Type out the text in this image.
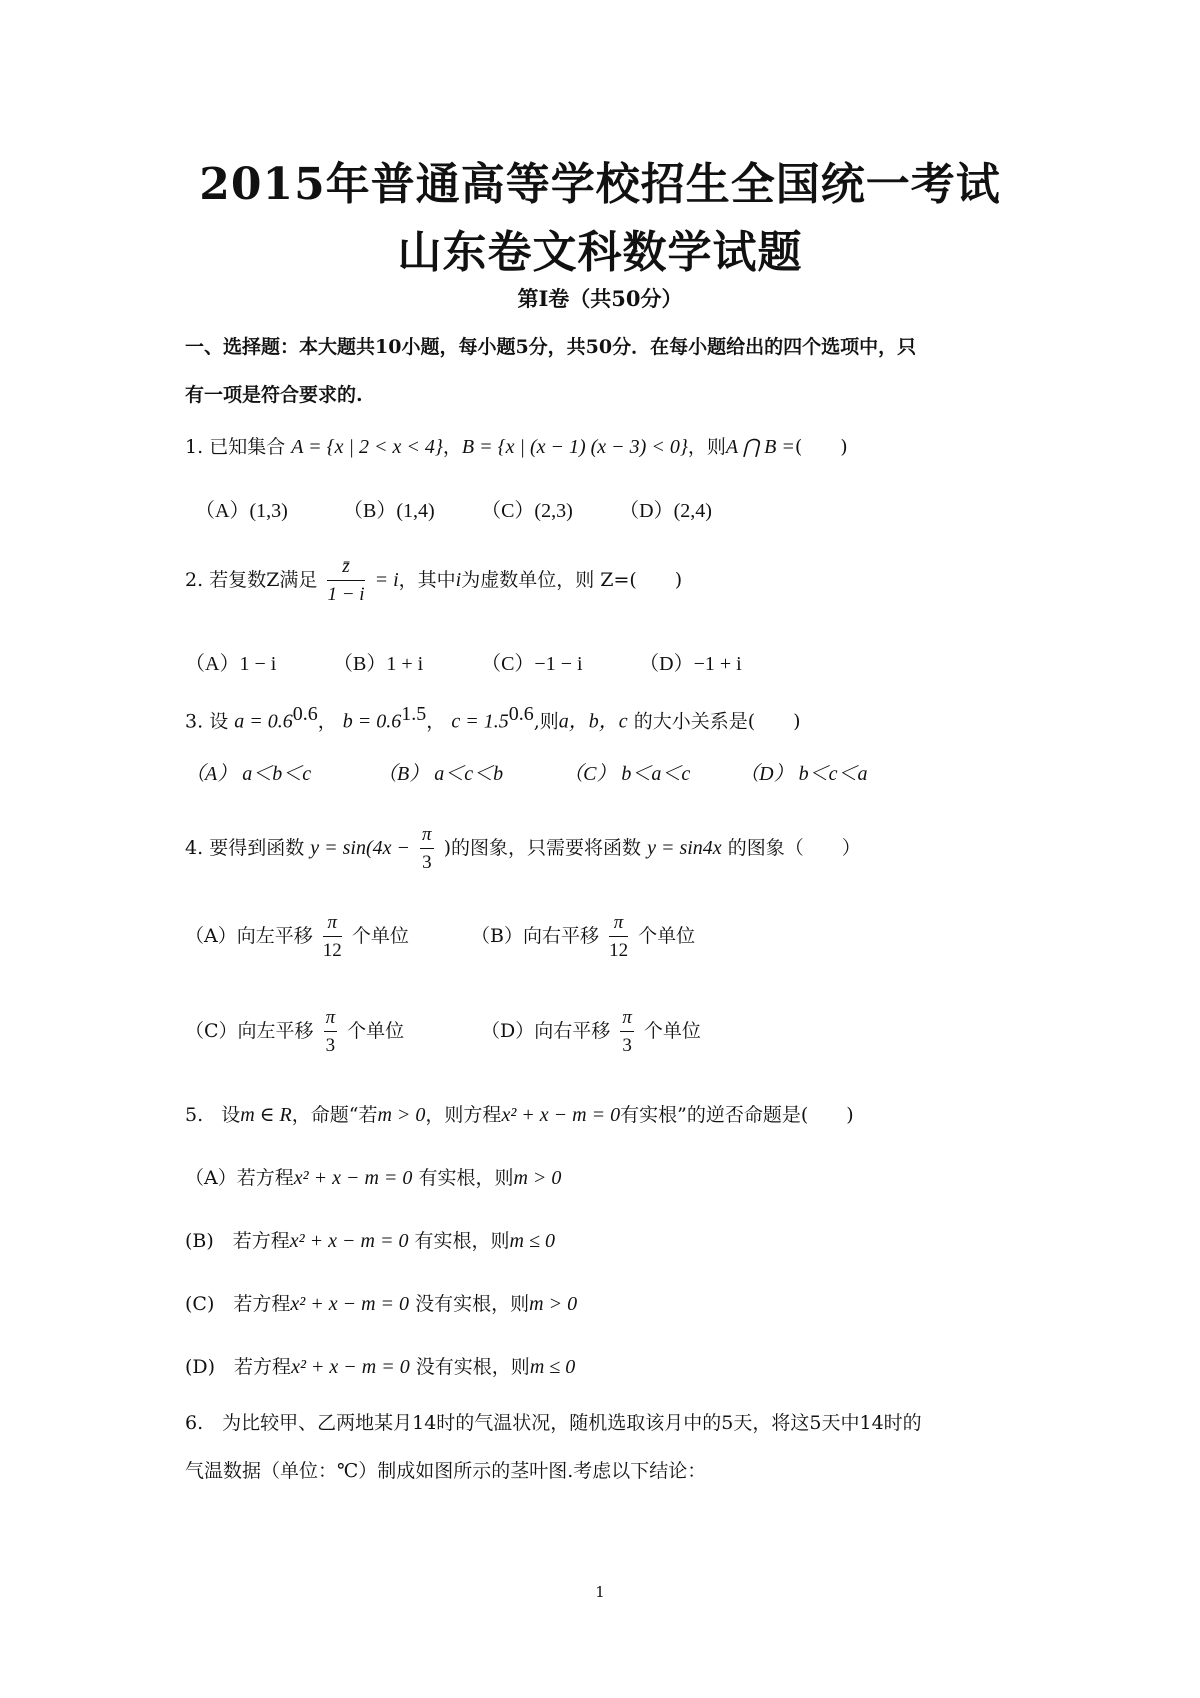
2015年普通高等学校招生全国统一考试
山东卷文科数学试题
第Ⅰ卷（共50分）
一、选择题：本大题共10小题，每小题5分，共50分．在每小题给出的四个选项中，只
有一项是符合要求的.
1. 已知集合 A = {x | 2 < x < 4}，B = {x | (x − 1) (x − 3) < 0}，则A ⋂ B =(　　)
（A）(1,3)	（B）(1,4) （C）(2,3) （D）(2,4)
2. 若复数Z满足 $\frac{z̄}{1 - i} = i$，其中i为虚数单位，则 Z=(　　)
（A）1 − i	（B）1 + i	（C）−1 − i	（D）−1 + i
3. 设 $a = 0.6^{0.6}$， $b = 0.6^{1.5}$， $c = 1.5^{0.6}$,则a，b，c 的大小关系是(　　)
（A） a＜b＜c	（B） a＜c＜b	（C） b＜a＜c （D） b＜c＜a
4. 要得到函数 $y = \sin(4x - \frac{\pi}{3}$ )的图象，只需要将函数 y = sin4x 的图象（　　）
（A）向左平移 $\frac{\pi}{12}$ 个单位	（B）向右平移 $\frac{\pi}{12}$ 个单位
（C）向左平移 $\frac{\pi}{3}$ 个单位	（D）向右平移 $\frac{\pi}{3}$ 个单位
5. 设m ∈ R，命题“若m > 0，则方程x² + x − m = 0有实根”的逆否命题是(　　)
（A）若方程x² + x − m = 0 有实根，则m > 0
(B)　若方程x² + x − m = 0 有实根，则m ≤ 0
(C)　若方程x² + x − m = 0 没有实根，则m > 0
(D)　若方程x² + x − m = 0 没有实根，则m ≤ 0
6.　为比较甲、乙两地某月14时的气温状况，随机选取该月中的5天，将这5天中14时的
气温数据（单位：℃）制成如图所示的茎叶图.考虑以下结论：
1
